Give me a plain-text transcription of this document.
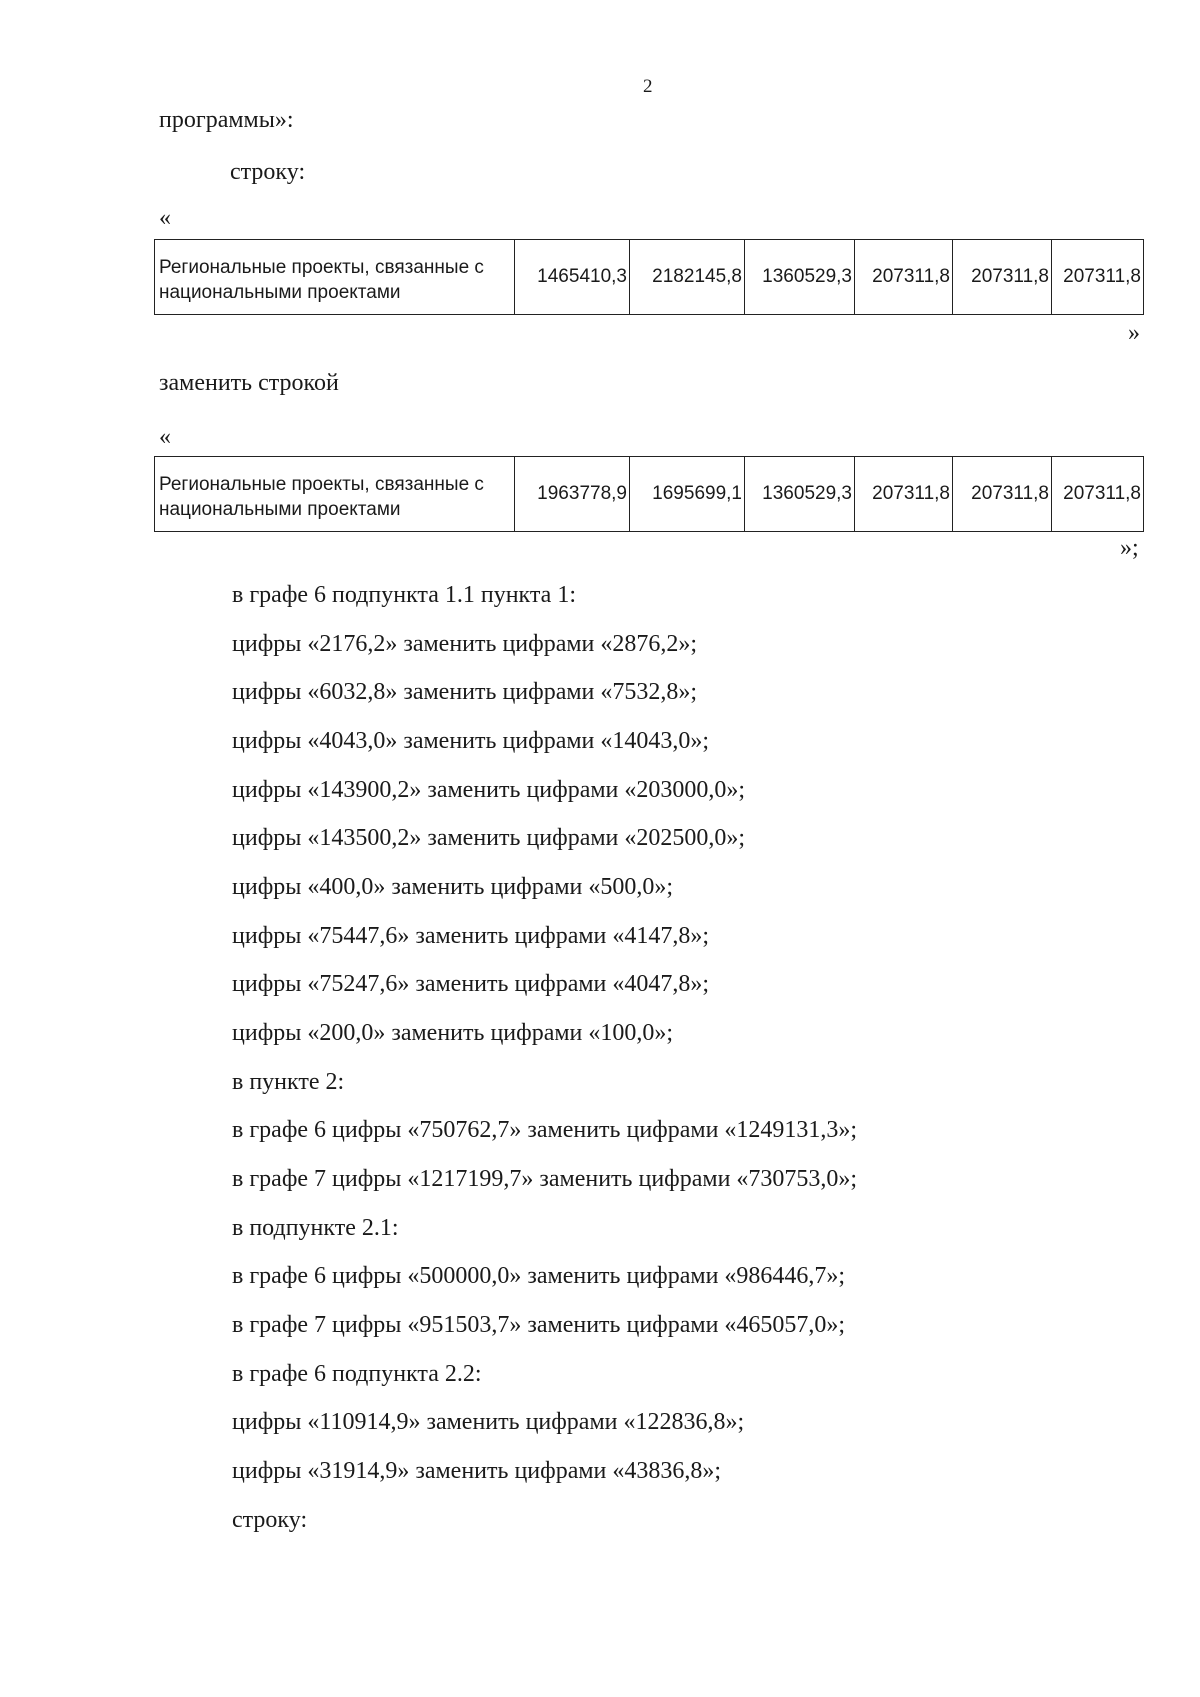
2

программы»:

строку:

«
Региональные проекты, связанные с национальными проектами	1465410,3	2182145,8	1360529,3	207311,8	207311,8	207311,8
»

заменить строкой

«
Региональные проекты, связанные с национальными проектами	1963778,9	1695699,1	1360529,3	207311,8	207311,8	207311,8
»;

в графе 6 подпункта 1.1 пункта 1:

цифры «2176,2» заменить цифрами «2876,2»;

цифры «6032,8» заменить цифрами «7532,8»;

цифры «4043,0» заменить цифрами «14043,0»;

цифры «143900,2» заменить цифрами «203000,0»;

цифры «143500,2» заменить цифрами «202500,0»;

цифры «400,0» заменить цифрами «500,0»;

цифры «75447,6» заменить цифрами «4147,8»;

цифры «75247,6» заменить цифрами «4047,8»;

цифры «200,0» заменить цифрами «100,0»;

в пункте 2:

в графе 6 цифры «750762,7» заменить цифрами «1249131,3»;

в графе 7 цифры «1217199,7» заменить цифрами «730753,0»;

в подпункте 2.1:

в графе 6 цифры «500000,0» заменить цифрами «986446,7»;

в графе 7 цифры «951503,7» заменить цифрами «465057,0»;

в графе 6 подпункта 2.2:

цифры «110914,9» заменить цифрами «122836,8»;

цифры «31914,9» заменить цифрами «43836,8»;

строку:
